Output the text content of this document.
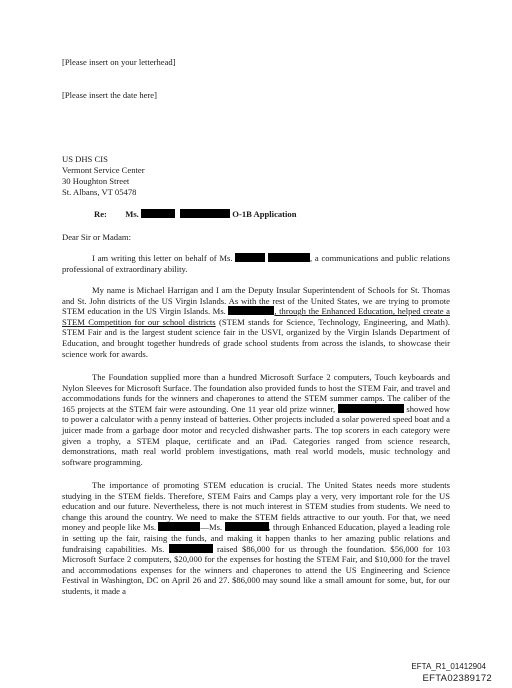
[Please insert on your letterhead]
[Please insert the date here]
US DHS CIS
Vermont Service Center
30 Houghton Street
St. Albans, VT 05478
Re: Ms.	O-1B Application
Dear Sir or Madam:

I am writing this letter on behalf of Ms.	, a communications and public relations professional of extraordinary ability.

My name is Michael Harrigan and I am the Deputy Insular Superintendent of Schools for St. Thomas and St. John districts of the US Virgin Islands. As with the rest of the United States, we are trying to promote STEM education in the US Virgin Islands. Ms.	, through the Enhanced Education, helped create a STEM Competition for our school districts (STEM stands for Science, Technology, Engineering, and Math). STEM Fair and is the largest student science fair in the USVI, organized by the Virgin Islands Department of Education, and brought together hundreds of grade school students from across the islands, to showcase their science work for awards.

The Foundation supplied more than a hundred Microsoft Surface 2 computers, Touch keyboards and Nylon Sleeves for Microsoft Surface. The foundation also provided funds to host the STEM Fair, and travel and accommodations funds for the winners and chaperones to attend the STEM summer camps. The caliber of the 165 projects at the STEM fair were astounding. One 11 year old prize winner,	showed how to power a calculator with a penny instead of batteries. Other projects included a solar powered speed boat and a juicer made from a garbage door motor and recycled dishwasher parts. The top scorers in each category were given a trophy, a STEM plaque, certificate and an iPad. Categories ranged from science research, demonstrations, math real world problem investigations, math real world models, music technology and software programming.

The importance of promoting STEM education is crucial. The United States needs more students studying in the STEM fields. Therefore, STEM Fairs and Camps play a very, very important role for the US education and our future. Nevertheless, there is not much interest in STEM studies from students. We need to change this around the country. We need to make the STEM fields attractive to our youth. For that, we need money and people like Ms.	—Ms.	, through Enhanced Education, played a leading role in setting up the fair, raising the funds, and making it happen thanks to her amazing public relations and fundraising capabilities. Ms.	raised $86,000 for us through the foundation. $56,000 for 103 Microsoft Surface 2 computers, $20,000 for the expenses for hosting the STEM Fair, and $10,000 for the travel and accommodations expenses for the winners and chaperones to attend the US Engineering and Science Festival in Washington, DC on April 26 and 27. $86,000 may sound like a small amount for some, but, for our students, it made a

EFTA_R1_01412904
EFTA02389172
